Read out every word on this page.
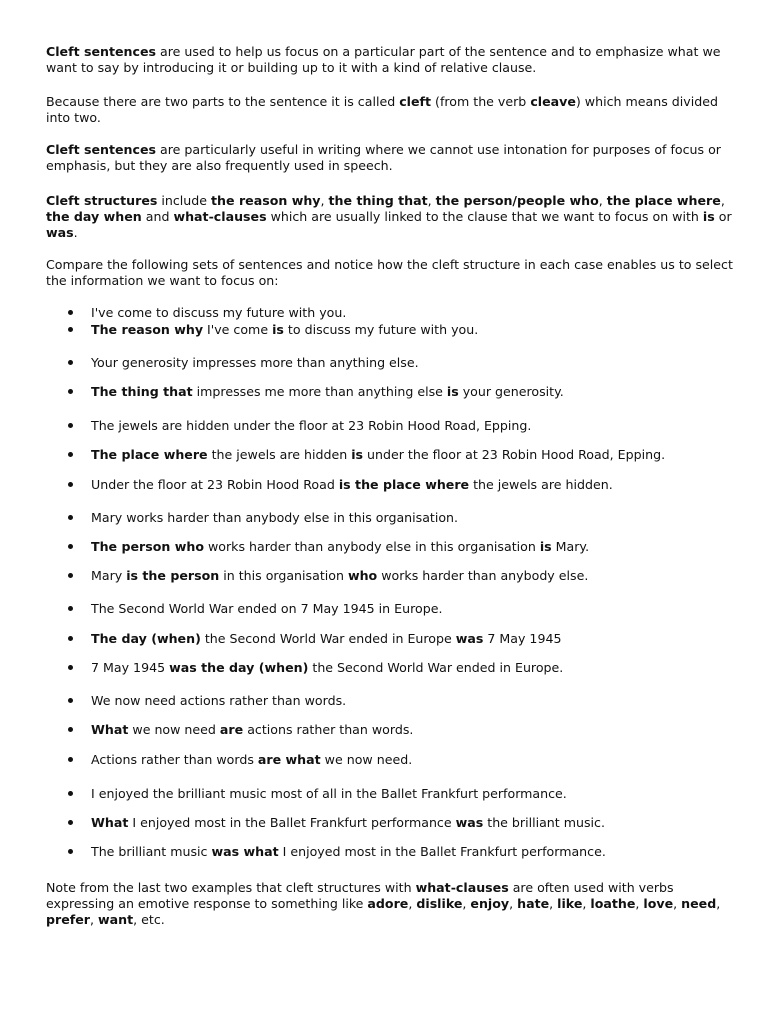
Cleft sentences are used to help us focus on a particular part of the sentence and to emphasize what we want to say by introducing it or building up to it with a kind of relative clause.

Because there are two parts to the sentence it is called cleft (from the verb cleave) which means divided into two.

Cleft sentences are particularly useful in writing where we cannot use intonation for purposes of focus or emphasis, but they are also frequently used in speech.

Cleft structures include the reason why, the thing that, the person/people who, the place where, the day when and what-clauses which are usually linked to the clause that we want to focus on with is or was.

Compare the following sets of sentences and notice how the cleft structure in each case enables us to select the information we want to focus on:

I've come to discuss my future with you.
The reason why I've come is to discuss my future with you.
Your generosity impresses more than anything else.
The thing that impresses me more than anything else is your generosity.
The jewels are hidden under the floor at 23 Robin Hood Road, Epping.
The place where the jewels are hidden is under the floor at 23 Robin Hood Road, Epping.
Under the floor at 23 Robin Hood Road is the place where the jewels are hidden.
Mary works harder than anybody else in this organisation.
The person who works harder than anybody else in this organisation is Mary.
Mary is the person in this organisation who works harder than anybody else.
The Second World War ended on 7 May 1945 in Europe.
The day (when) the Second World War ended in Europe was 7 May 1945
7 May 1945 was the day (when) the Second World War ended in Europe.
We now need actions rather than words.
What we now need are actions rather than words.
Actions rather than words are what we now need.
I enjoyed the brilliant music most of all in the Ballet Frankfurt performance.
What I enjoyed most in the Ballet Frankfurt performance was the brilliant music.
The brilliant music was what I enjoyed most in the Ballet Frankfurt performance.

Note from the last two examples that cleft structures with what-clauses are often used with verbs expressing an emotive response to something like adore, dislike, enjoy, hate, like, loathe, love, need, prefer, want, etc.
